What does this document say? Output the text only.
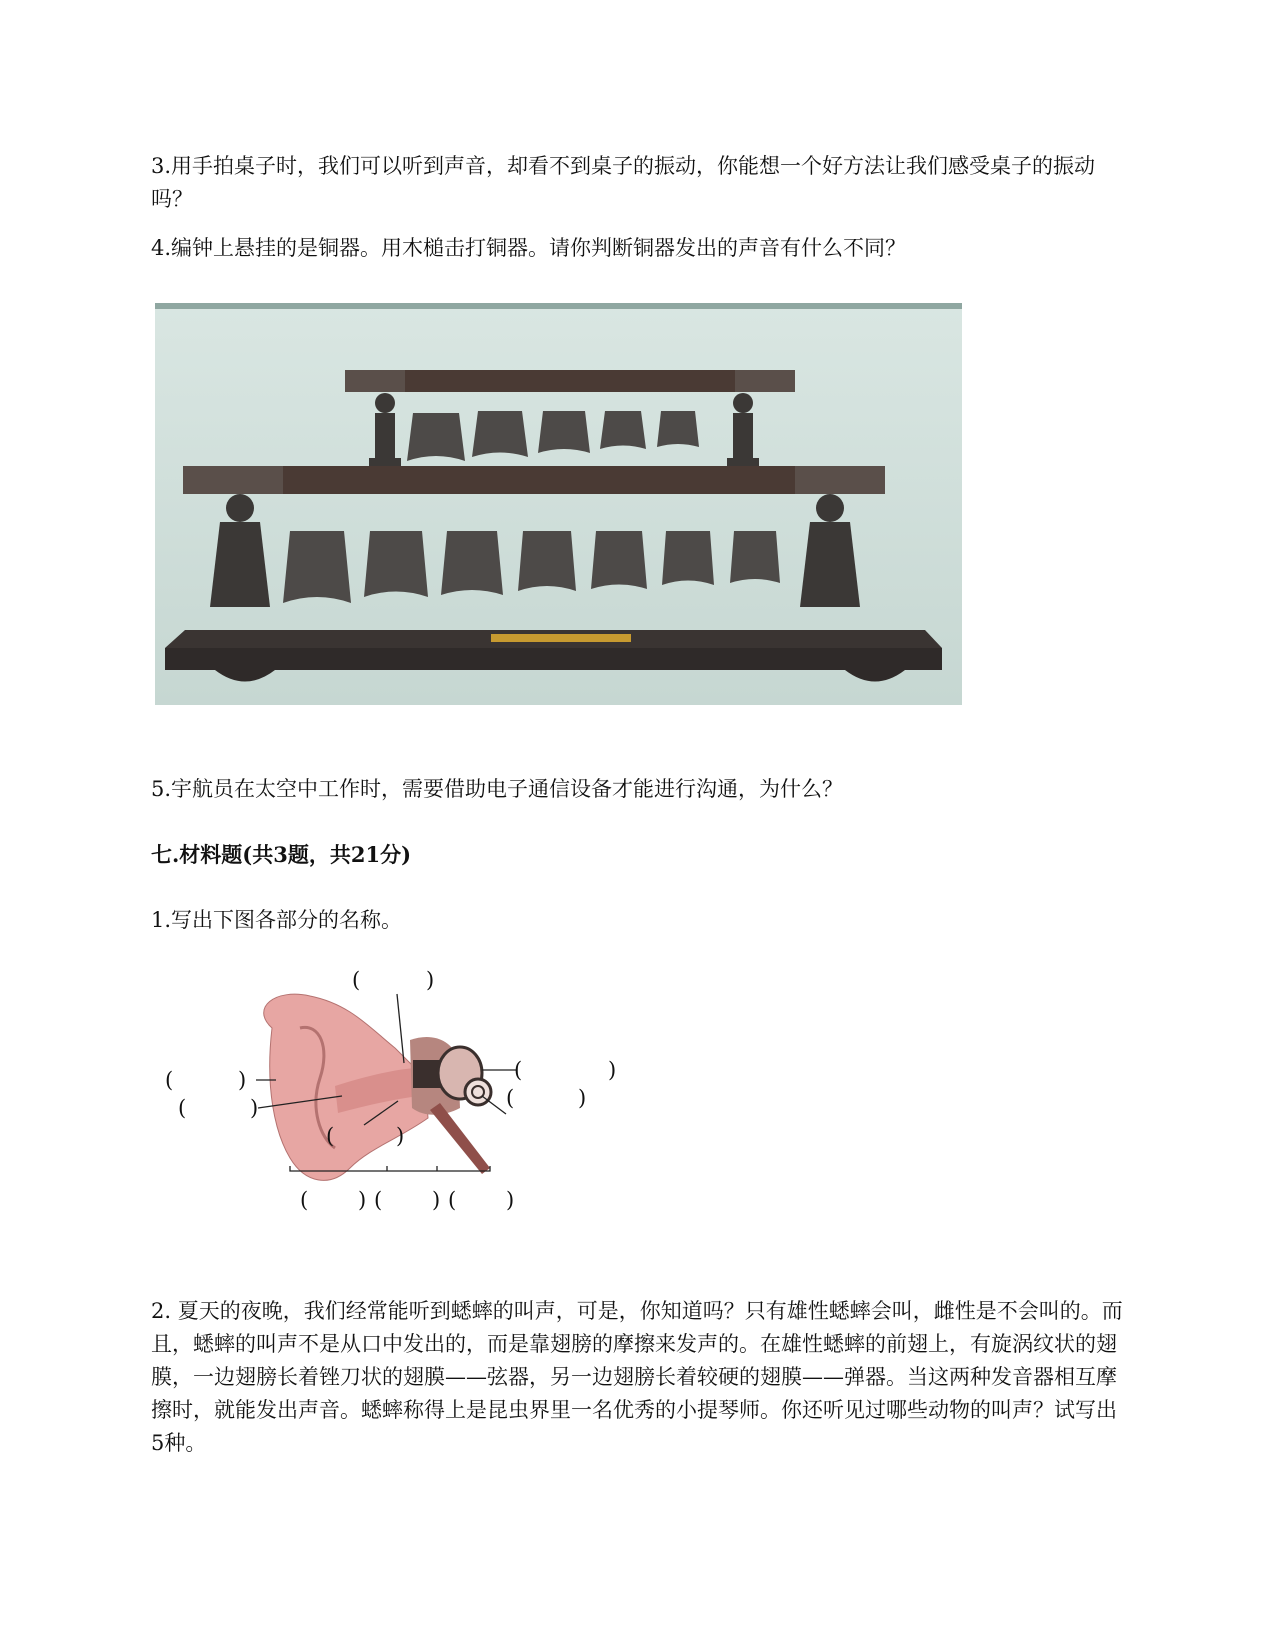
3.用手拍桌子时，我们可以听到声音，却看不到桌子的振动，你能想一个好方法让我们感受桌子的振动吗？

4.编钟上悬挂的是铜器。用木槌击打铜器。请你判断铜器发出的声音有什么不同？

5.宇航员在太空中工作时，需要借助电子通信设备才能进行沟通，为什么？

七.材料题(共3题，共21分)

1.写出下图各部分的名称。

(	)
(	)
(	)
(	)
(	)
(	)
( ) ( ) ( )

2. 夏天的夜晚，我们经常能听到蟋蟀的叫声，可是，你知道吗？只有雄性蟋蟀会叫，雌性是不会叫的。而且，蟋蟀的叫声不是从口中发出的，而是靠翅膀的摩擦来发声的。在雄性蟋蟀的前翅上，有旋涡纹状的翅膜，一边翅膀长着锉刀状的翅膜——弦器，另一边翅膀长着较硬的翅膜——弹器。当这两种发音器相互摩擦时，就能发出声音。蟋蟀称得上是昆虫界里一名优秀的小提琴师。你还听见过哪些动物的叫声？试写出5种。
